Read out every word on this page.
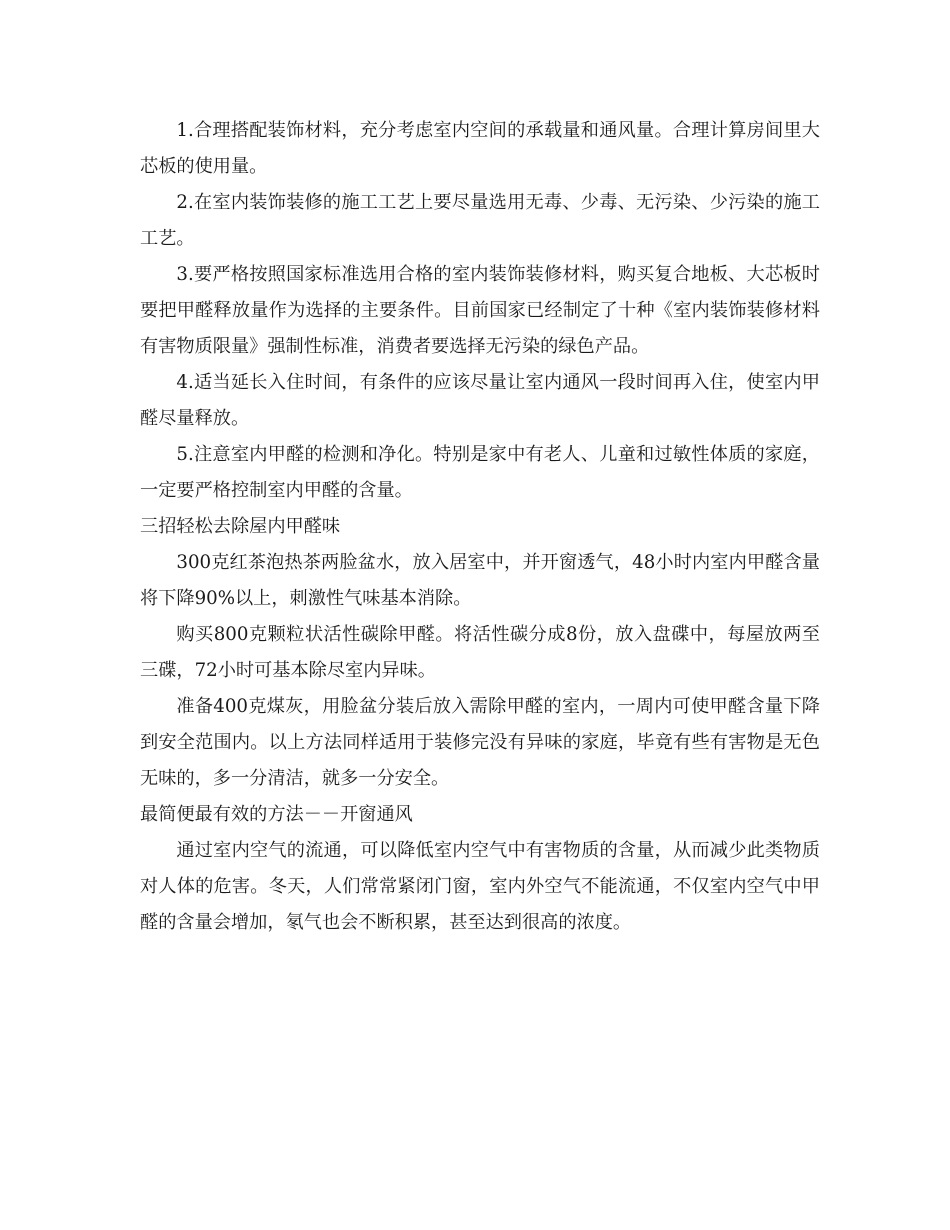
1.合理搭配装饰材料，充分考虑室内空间的承载量和通风量。合理计算房间里大芯板的使用量。

2.在室内装饰装修的施工工艺上要尽量选用无毒、少毒、无污染、少污染的施工工艺。

3.要严格按照国家标准选用合格的室内装饰装修材料，购买复合地板、大芯板时要把甲醛释放量作为选择的主要条件。目前国家已经制定了十种《室内装饰装修材料有害物质限量》强制性标准，消费者要选择无污染的绿色产品。

4.适当延长入住时间，有条件的应该尽量让室内通风一段时间再入住，使室内甲醛尽量释放。

5.注意室内甲醛的检测和净化。特别是家中有老人、儿童和过敏性体质的家庭，一定要严格控制室内甲醛的含量。

三招轻松去除屋内甲醛味

300克红茶泡热茶两脸盆水，放入居室中，并开窗透气，48小时内室内甲醛含量将下降90%以上，刺激性气味基本消除。

购买800克颗粒状活性碳除甲醛。将活性碳分成8份，放入盘碟中，每屋放两至三碟，72小时可基本除尽室内异味。

准备400克煤灰，用脸盆分装后放入需除甲醛的室内，一周内可使甲醛含量下降到安全范围内。以上方法同样适用于装修完没有异味的家庭，毕竟有些有害物是无色无味的，多一分清洁，就多一分安全。

最简便最有效的方法－－开窗通风

通过室内空气的流通，可以降低室内空气中有害物质的含量，从而减少此类物质对人体的危害。冬天，人们常常紧闭门窗，室内外空气不能流通，不仅室内空气中甲醛的含量会增加，氡气也会不断积累，甚至达到很高的浓度。
